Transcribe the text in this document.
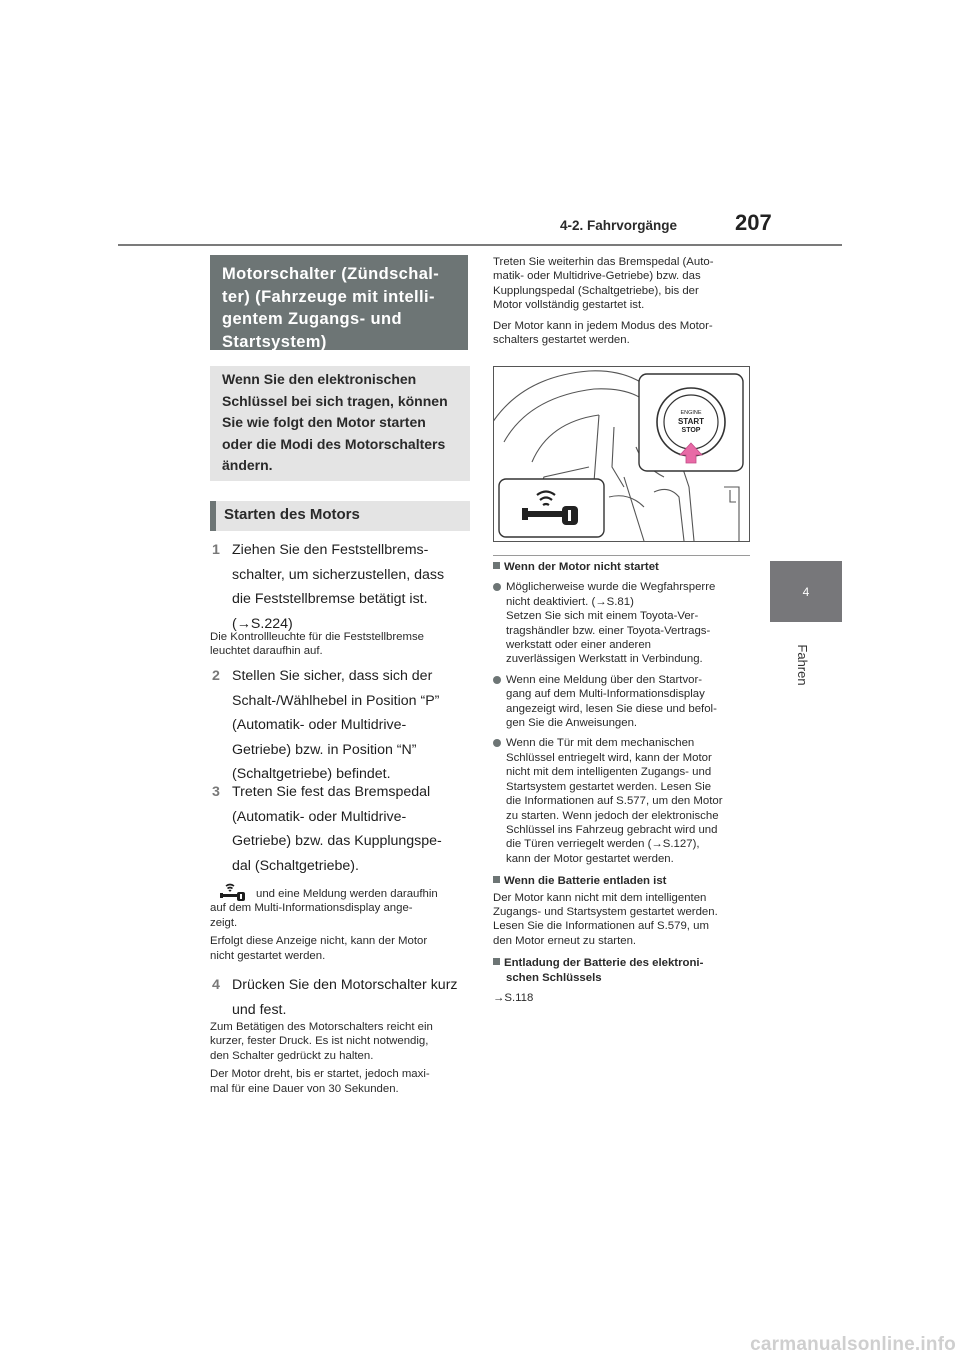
4-2. Fahrvorgänge	207
4
Fahren
Motorschalter (Zündschal-
ter) (Fahrzeuge mit intelli-
gentem Zugangs- und
Startsystem)
Wenn Sie den elektronischen
Schlüssel bei sich tragen, können
Sie wie folgt den Motor starten
oder die Modi des Motorschalters
ändern.
Starten des Motors
1 Ziehen Sie den Feststellbrems-
schalter, um sicherzustellen, dass
die Feststellbremse betätigt ist.
(→S.224)
Die Kontrollleuchte für die Feststellbremse
leuchtet daraufhin auf.
2 Stellen Sie sicher, dass sich der
Schalt-/Wählhebel in Position “P”
(Automatik- oder Multidrive-
Getriebe) bzw. in Position “N”
(Schaltgetriebe) befindet.
3 Treten Sie fest das Bremspedal
(Automatik- oder Multidrive-
Getriebe) bzw. das Kupplungspe-
dal (Schaltgetriebe).
und eine Meldung werden daraufhin
auf dem Multi-Informationsdisplay ange-
zeigt.
Erfolgt diese Anzeige nicht, kann der Motor
nicht gestartet werden.
4 Drücken Sie den Motorschalter kurz
und fest.
Zum Betätigen des Motorschalters reicht ein
kurzer, fester Druck. Es ist nicht notwendig,
den Schalter gedrückt zu halten.
Der Motor dreht, bis er startet, jedoch maxi-
mal für eine Dauer von 30 Sekunden.
Treten Sie weiterhin das Bremspedal (Auto-
matik- oder Multidrive-Getriebe) bzw. das
Kupplungspedal (Schaltgetriebe), bis der
Motor vollständig gestartet ist.
Der Motor kann in jedem Modus des Motor-
schalters gestartet werden.
ENGINE
START
STOP
Wenn der Motor nicht startet
Möglicherweise wurde die Wegfahrsperre
nicht deaktiviert. (→S.81)
Setzen Sie sich mit einem Toyota-Ver-
tragshändler bzw. einer Toyota-Vertrags-
werkstatt oder einer anderen
zuverlässigen Werkstatt in Verbindung.
Wenn eine Meldung über den Startvor-
gang auf dem Multi-Informationsdisplay
angezeigt wird, lesen Sie diese und befol-
gen Sie die Anweisungen.
Wenn die Tür mit dem mechanischen
Schlüssel entriegelt wird, kann der Motor
nicht mit dem intelligenten Zugangs- und
Startsystem gestartet werden. Lesen Sie
die Informationen auf S.577, um den Motor
zu starten. Wenn jedoch der elektronische
Schlüssel ins Fahrzeug gebracht wird und
die Türen verriegelt werden (→S.127),
kann der Motor gestartet werden.
Wenn die Batterie entladen ist
Der Motor kann nicht mit dem intelligenten
Zugangs- und Startsystem gestartet werden.
Lesen Sie die Informationen auf S.579, um
den Motor erneut zu starten.
Entladung der Batterie des elektroni-
schen Schlüssels
→S.118
carmanualsonline.info
